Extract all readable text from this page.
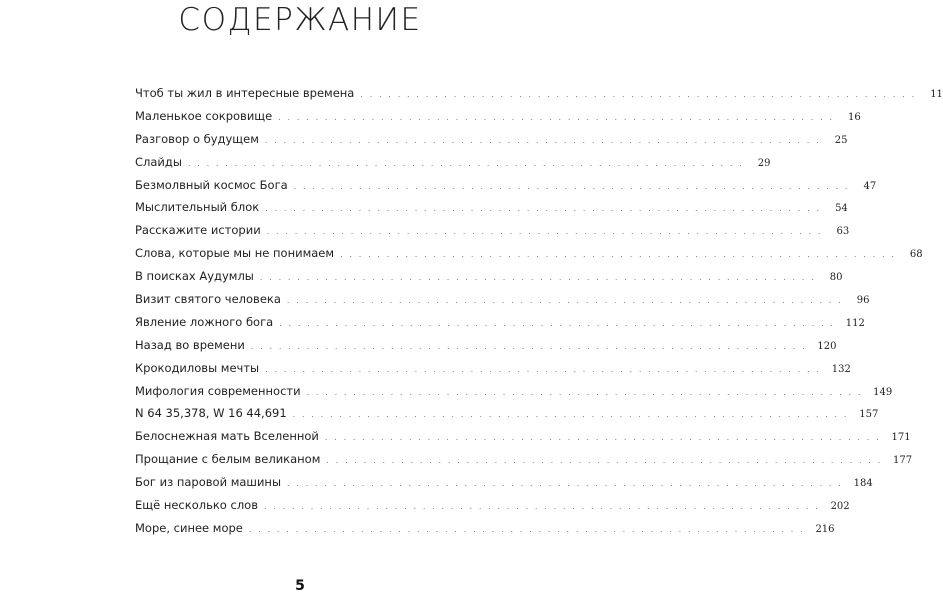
СОДЕРЖАНИЕ
Чтоб ты жил в интересные времена ............................................................ 11
Маленькое сокровище ............................................................ 16
Разговор о будущем ............................................................ 25
Слайды ............................................................ 29
Безмолвный космос Бога ............................................................ 47
Мыслительный блок ............................................................ 54
Расскажите истории ............................................................ 63
Слова, которые мы не понимаем ............................................................ 68
В поисках Аудумлы ............................................................ 80
Визит святого человека ............................................................ 96
Явление ложного бога ............................................................ 112
Назад во времени ............................................................ 120
Крокодиловы мечты ............................................................ 132
Мифология современности ............................................................ 149
N 64 35,378, W 16 44,691 ............................................................ 157
Белоснежная мать Вселенной ............................................................ 171
Прощание с белым великаном ............................................................ 177
Бог из паровой машины ............................................................ 184
Ещё несколько слов ............................................................ 202
Море, синее море ............................................................ 216
5
